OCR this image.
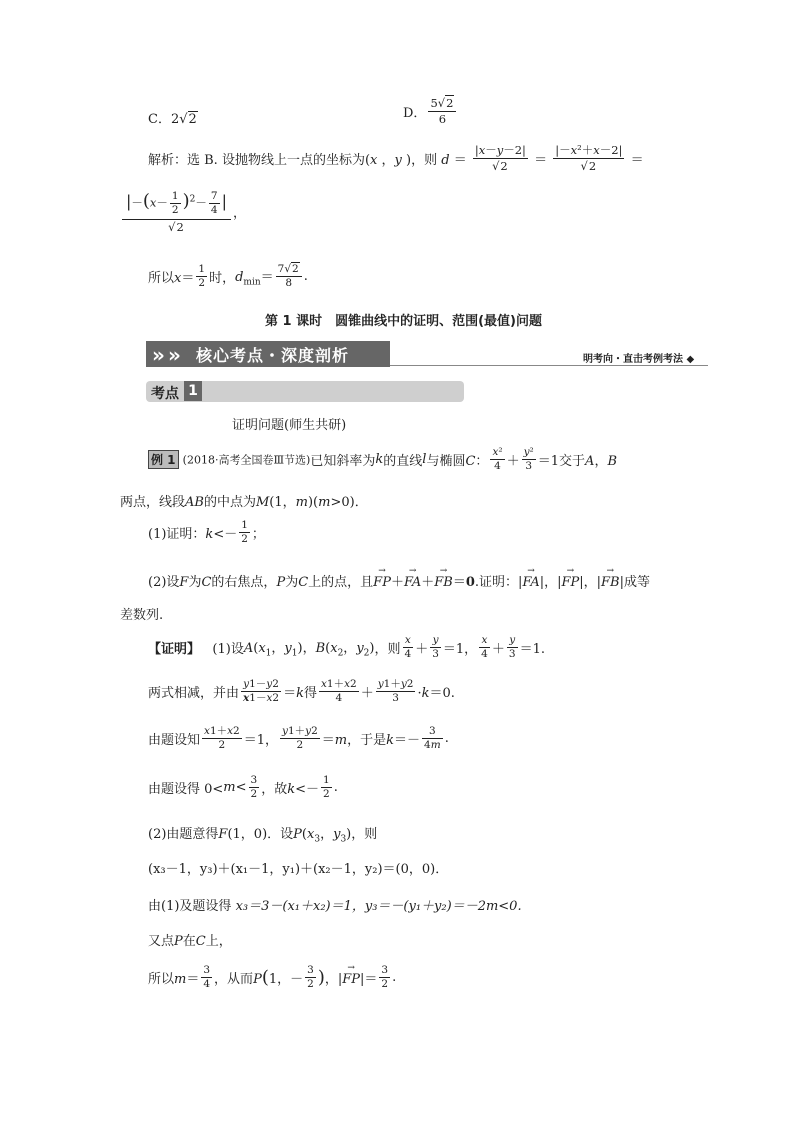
C．2√2	D． $\frac{5√2}{6}$
解析：选 B. 设抛物线上一点的坐标为(x ，y )，则 $d = \frac{|x-y-2|}{√2} = \frac{\text{|－x²＋x－2|}}{√2}$ ＝
$\frac{|-(x- \frac{1}{2} )^2- \frac{7}{4} |}{√2}$ ，
所以$x= \frac{1}{2}$ 时，$d_{min}= \frac{7√2}{8}$ .
第 1 课时　圆锥曲线中的证明、范围(最值)问题
» » 核心考点・深度剖析	明考向・直击考例考法 ◆
考点 1
证明问题(师生共研)
例 1 (2018·高考全国卷Ⅲ节选)已知斜率为k的直线l与椭圆C： $\frac{\text{x²}}{4} + \frac{\text{y²}}{3} =1$交于A，B
两点，线段AB的中点为M(1，m)(m>0)．
(1)证明：$k<- \frac{1}{2}$ ；
(2)设F为C的右焦点，P为C上的点，且→ FP＋→ FA＋→ FB＝0.证明：|→ FA|，|→ FP|，|→ FB|成等
差数列.
【证明】 (1)设$A(x_1$，$y_1$)，$B(x_2$，$y_2$)，则 $\frac{x}{4} + \frac{y}{3} =1$， $\frac{x}{4} + \frac{y}{3} =1$.
两式相减，并由 $\frac{y1-y2}{x1-x2} =k$得 $\frac{x1+x2}{4} + \frac{y1+y2}{3} \cdot k=0$.
由题设知 $\frac{x1+x2}{2} =1$， $\frac{y1+y2}{2} =m$，于是$k=- \frac{3}{4m}$ .
由题设得 $0<m< \frac{3}{2}$ ，故$k<- \frac{1}{2}$ .
(2)由题意得F(1，0)．设$P(x_3$，$y_3$)，则
(x₃－1，y₃)＋(x₁－1，y₁)＋(x₂－1，y₂)＝(0，0)．
由(1)及题设得 x₃＝3－(x₁＋x₂)＝1，y₃＝－(y₁＋y₂)＝－2m<0.
又点P在C上，
所以$m= \frac{3}{4}$ ，从而P(1，－ $\frac{3}{2}$ )，|→ $FP|= \frac{3}{2}$ .
